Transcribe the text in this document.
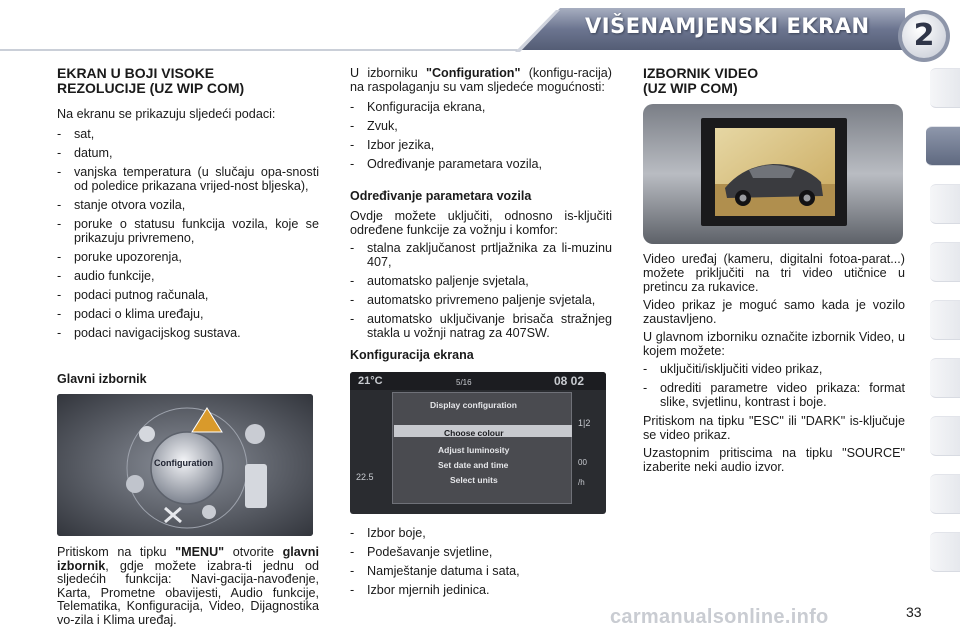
VIŠENAMJENSKI EKRAN	2
EKRAN U BOJI VISOKE
REZOLUCIJE (UZ WIP COM)

Na ekranu se prikazuju sljedeći podaci:

- sat,
- datum,
- vanjska temperatura (u slučaju opa-snosti od poledice prikazana vrijed-nost bljeska),
- stanje otvora vozila,
- poruke o statusu funkcija vozila, koje se prikazuju privremeno,
- poruke upozorenja,
- audio funkcije,
- podaci putnog računala,
- podaci o klima uređaju,
- podaci navigacijskog sustava.
Glavni izbornik
Configuration

Pritiskom na tipku "MENU" otvorite glavni izbornik, gdje možete izabra-ti jednu od sljedećih funkcija: Navi-gacija-navođenje, Karta, Prometne obavijesti, Audio funkcije, Telematika, Konfiguracija, Video, Dijagnostika vo-zila i Klima uređaj.

U izborniku "Configuration" (konfigu-racija) na raspolaganju su vam sljedeće mogućnosti:

- Konfiguracija ekrana,
- Zvuk,
- Izbor jezika,
- Određivanje parametara vozila,
Određivanje parametara vozila

Ovdje možete uključiti, odnosno is-ključiti određene funkcije za vožnju i komfor:

- stalna zaključanost prtljažnika za li-muzinu 407,
- automatsko paljenje svjetala,
- automatsko privremeno paljenje svjetala,
- automatsko uključivanje brisača stražnjeg stakla u vožnji natrag za 407SW.
Konfiguracija ekrana
21°C	5/16	08 02
Display configuration
Choose colour
Adjust luminosity
Set date and time
Select units
1|2
00
/h
22.5
- Izbor boje,
- Podešavanje svjetline,
- Namještanje datuma i sata,
- Izbor mjernih jedinica.
IZBORNIK VIDEO
(UZ WIP COM)

Video uređaj (kameru, digitalni fotoa-parat...) možete priključiti na tri video utičnice u pretincu za rukavice.

Video prikaz je moguć samo kada je vozilo zaustavljeno.

U glavnom izborniku označite izbornik Video, u kojem možete:

- uključiti/isključiti video prikaz,
- odrediti parametre video prikaza: format slike, svjetlinu, kontrast i boje.

Pritiskom na tipku "ESC" ili "DARK" is-ključuje se video prikaz.

Uzastopnim pritiscima na tipku "SOURCE" izaberite neki audio izvor.

carmanualsonline.info	33
